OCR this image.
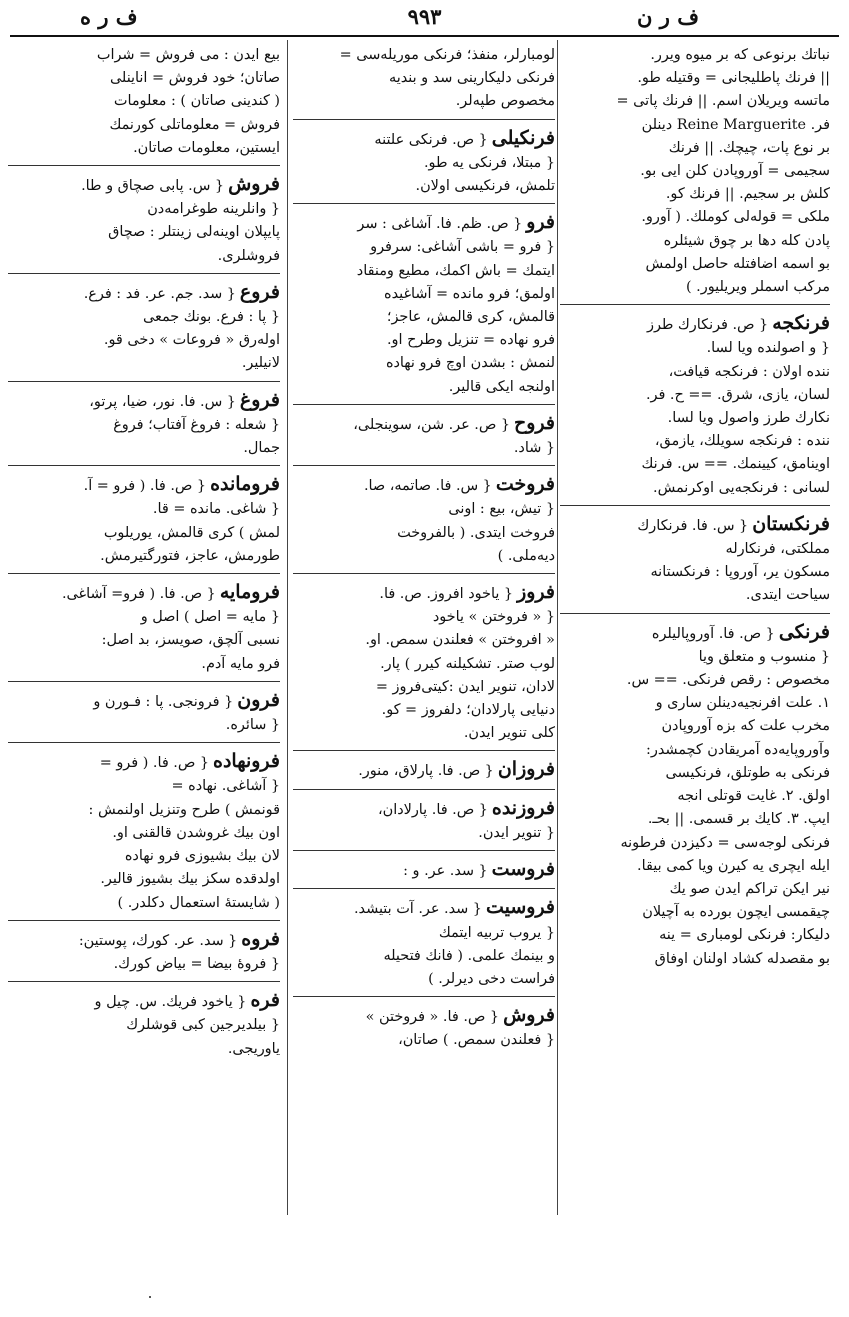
ف ر ه	٩٩٣	ف ر ن
نباتك برنوعی كه بر میوه ویرر.
|| فرنك پاطلیجانی = وقتیله طو.
ماتسه ویریلان اسم. || فرنك پاتی =
فر. Reine Marguerite دینلن
بر نوع پات، چیچك. || فرنك
سجیمی = آوروپادن كلن ایی بو.
كلش بر سجیم. || فرنك كو.
ملكی = قوله‌لی كوملك. ( آورو.
پادن كله دها بر چوق شیئلره
بو اسمه اضافتله حاصل اولمش
مركب اسملر ویریلیور. )
فرنكجه{ ص. فرنكارك طرز
{ و اصولنده ویا لسا.
ننده اولان : فرنكجه قیافت،
لسان، یازی، شرق. == ح. فر.
نكارك طرز واصول ویا لسا.
ننده : فرنكجه سویلك، یازمق،
اوینامق، كیینمك. == س. فرنك
لسانی : فرنكجه‌یی اوكرنمش.
فرنكستان{ س. فا. فرنكارك
مملكتی، فرنكارله
مسكون یر، آوروپا : فرنكستانه
سیاحت ایتدی.
فرنكی{ ص. فا. آوروپالیلره
{ منسوب و متعلق ویا
مخصوص : رقص فرنكی. == س.
١. علت افرنجیه‌دینلن ساری و
مخرب علت كه بزه آوروپادن
وآوروپایه‌ده آمریقادن كچمشدر:
فرنكی به طوتلق، فرنكیسی
اولق. ٢. غایت قوتلی انجه
ایپ. ٣. كایك بر قسمی. || بحـ.
فرنكی لوجه‌سی = دكیزدن فرطونه
ایله ایچری یه كیرن ویا كمی بیقا.
نیر ایكن تراكم ایدن صو یك
چیقمسی ایچون بورده به آچیلان
دلیكار: فرنكی لومباری = ینه
بو مقصدله كشاد اولنان اوفاق
لومبارلر، منفذ؛ فرنكی موریله‌سی =
فرنكی دلیكارینی سد و بندیه
مخصوص طپه‌لر.
فرنكیلی{ ص. فرنكی علتنه
{ مبتلا، فرنكی یه طو.
تلمش، فرنكیسی اولان.
فرو{ ص. ظم. فا. آشاغی : سر
{ فرو = باشی آشاغی: سرفرو
ایتمك = باش اكمك، مطیع ومنقاد
اولمق؛ فرو مانده = آشاغیده
قالمش، كری قالمش، عاجز؛
فرو نهاده = تنزیل وطرح او.
لنمش : بشدن اوچ فرو نهاده
اولنجه ایكی قالیر.
فروح{ ص. عر. شن، سوینجلی،
{ شاد.
فروخت{ س. فا. صاتمه، صا.
{ تیش، بیع : اونی
فروخت ایتدی. ( بالفروخت
دیه‌ملی. )
فروز{ یاخود افروز. ص. فا.
{ « فروختن » یاخود
« افروختن » فعلندن سمص. او.
لوب صتر. تشكیلنه كیرر ) پار.
لادان، تنویر ایدن :كیتی‌فروز =
دنیایی پارلادان؛ دلفروز = كو.
كلی تنویر ایدن.
فروزان{ ص. فا. پارلاق، منور.
فروزنده{ ص. فا. پارلادان،
{ تنویر ایدن.
فروست{ سد. عر. و :
فروسیت{ سد. عر. آت بتیشد.
{ یروب تربیه ایتمك
و بینمك علمی. ( فانك فتحیله
فراست دخی دیرلر. )
فروش{ ص. فا. « فروختن »
{ فعلندن سمص. ) صاتان،
بیع ایدن : می فروش = شراب
صاتان؛ خود فروش = اناینلی
( كندینی صاتان ) : معلومات
فروش = معلوماتلی كورنمك
ایستین، معلومات صاتان.
فروش{ س. پابی صچاق و طا.
{ وانلرینه طوغرامه‌دن
پایپلان اوینه‌لی زینتلر : صچاق
فروشلری.
فروع{ سد. جم. عر. فد : فرع.
{ پا : فرع. بونك جمعی
اوله‌رق « فروعات » دخی قو.
لانیلیر.
فروغ{ س. فا. نور، ضیا، پرتو،
{ شعله : فروغ آفتاب؛ فروغ
جمال.
فرومانده{ ص. فا. ( فرو = آ.
{ شاغی. مانده = قا.
لمش ) كری قالمش، یوریلوب
طورمش، عاجز، فتورگتیرمش.
فرومایه{ ص. فا. ( فرو= آشاغی.
{ مایه = اصل ) اصل و
نسبی آلچق، صویسز، بد اصل:
فرو مایه آدم.
فرون{ فرونجی. پا : فـورن و
{ سائره.
فرونهاده{ ص. فا. ( فرو =
{ آشاغی. نهاده =
قونمش ) طرح وتنزیل اولنمش :
اون بیك غروشدن قالقنی او.
لان بیك بشیوزی فرو نهاده
اولدقده سكز بیك بشیوز قالیر.
( شایستهٔ استعمال دكلدر. )
فروه{ سد. عر. كورك، پوستین:
{ فروهٔ بیضا = بیاض كورك.
فره{ یاخود فریك. س. چیل و
{ بیلدیرجین كبی قوشلرك
یاوریجی.
